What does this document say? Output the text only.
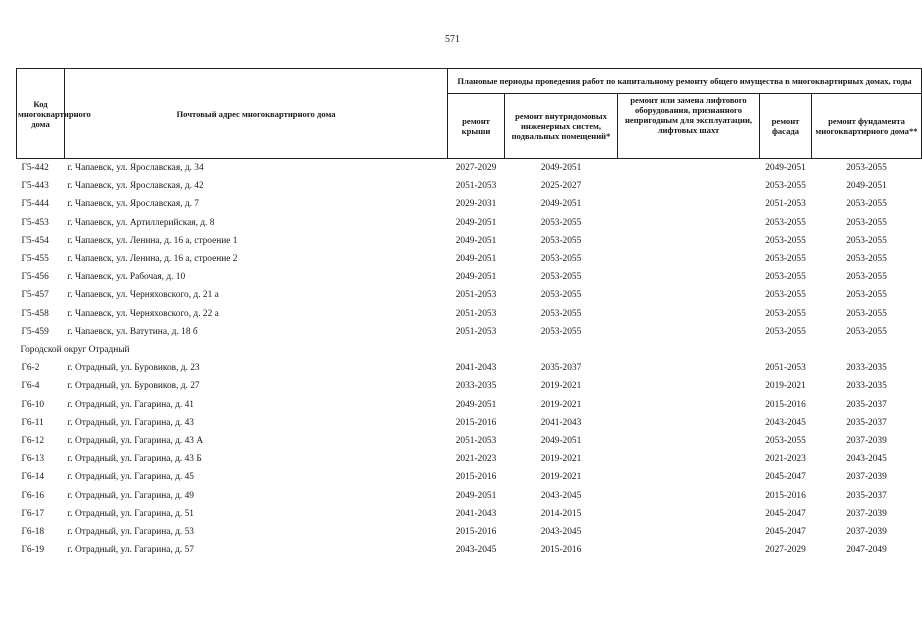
571
Код многоквартирного дома	Почтовый адрес многоквартирного дома	Плановые периоды проведения работ по капитальному ремонту общего имущества в многоквартирных домах, годы				
		ремонт крыши	ремонт внутридомовых инженерных систем, подвальных помещений*	ремонт или замена лифтового оборудования, признанного непригодным для эксплуатации, лифтовых шахт	ремонт фасада	ремонт фундамента многоквартирного дома**
Г5-442	г. Чапаевск, ул. Ярославская, д. 34	2027-2029	2049-2051		2049-2051	2053-2055
Г5-443	г. Чапаевск, ул. Ярославская, д. 42	2051-2053	2025-2027		2053-2055	2049-2051
Г5-444	г. Чапаевск, ул. Ярославская, д. 7	2029-2031	2049-2051		2051-2053	2053-2055
Г5-453	г. Чапаевск, ул. Артиллерийская, д. 8	2049-2051	2053-2055		2053-2055	2053-2055
Г5-454	г. Чапаевск, ул. Ленина, д. 16 а, строение 1	2049-2051	2053-2055		2053-2055	2053-2055
Г5-455	г. Чапаевск, ул. Ленина, д. 16 а, строение 2	2049-2051	2053-2055		2053-2055	2053-2055
Г5-456	г. Чапаевск, ул. Рабочая, д. 10	2049-2051	2053-2055		2053-2055	2053-2055
Г5-457	г. Чапаевск, ул. Черняховского, д. 21 а	2051-2053	2053-2055		2053-2055	2053-2055
Г5-458	г. Чапаевск, ул. Черняховского, д. 22 а	2051-2053	2053-2055		2053-2055	2053-2055
Г5-459	г. Чапаевск, ул. Ватутина, д. 18 б	2051-2053	2053-2055		2053-2055	2053-2055
Городской округ Отрадный						
Г6-2	г. Отрадный, ул. Буровиков, д. 23	2041-2043	2035-2037		2051-2053	2033-2035
Г6-4	г. Отрадный, ул. Буровиков, д. 27	2033-2035	2019-2021		2019-2021	2033-2035
Г6-10	г. Отрадный, ул. Гагарина, д. 41	2049-2051	2019-2021		2015-2016	2035-2037
Г6-11	г. Отрадный, ул. Гагарина, д. 43	2015-2016	2041-2043		2043-2045	2035-2037
Г6-12	г. Отрадный, ул. Гагарина, д. 43 А	2051-2053	2049-2051		2053-2055	2037-2039
Г6-13	г. Отрадный, ул. Гагарина, д. 43 Б	2021-2023	2019-2021		2021-2023	2043-2045
Г6-14	г. Отрадный, ул. Гагарина, д. 45	2015-2016	2019-2021		2045-2047	2037-2039
Г6-16	г. Отрадный, ул. Гагарина, д. 49	2049-2051	2043-2045		2015-2016	2035-2037
Г6-17	г. Отрадный, ул. Гагарина, д. 51	2041-2043	2014-2015		2045-2047	2037-2039
Г6-18	г. Отрадный, ул. Гагарина, д. 53	2015-2016	2043-2045		2045-2047	2037-2039
Г6-19	г. Отрадный, ул. Гагарина, д. 57	2043-2045	2015-2016		2027-2029	2047-2049
